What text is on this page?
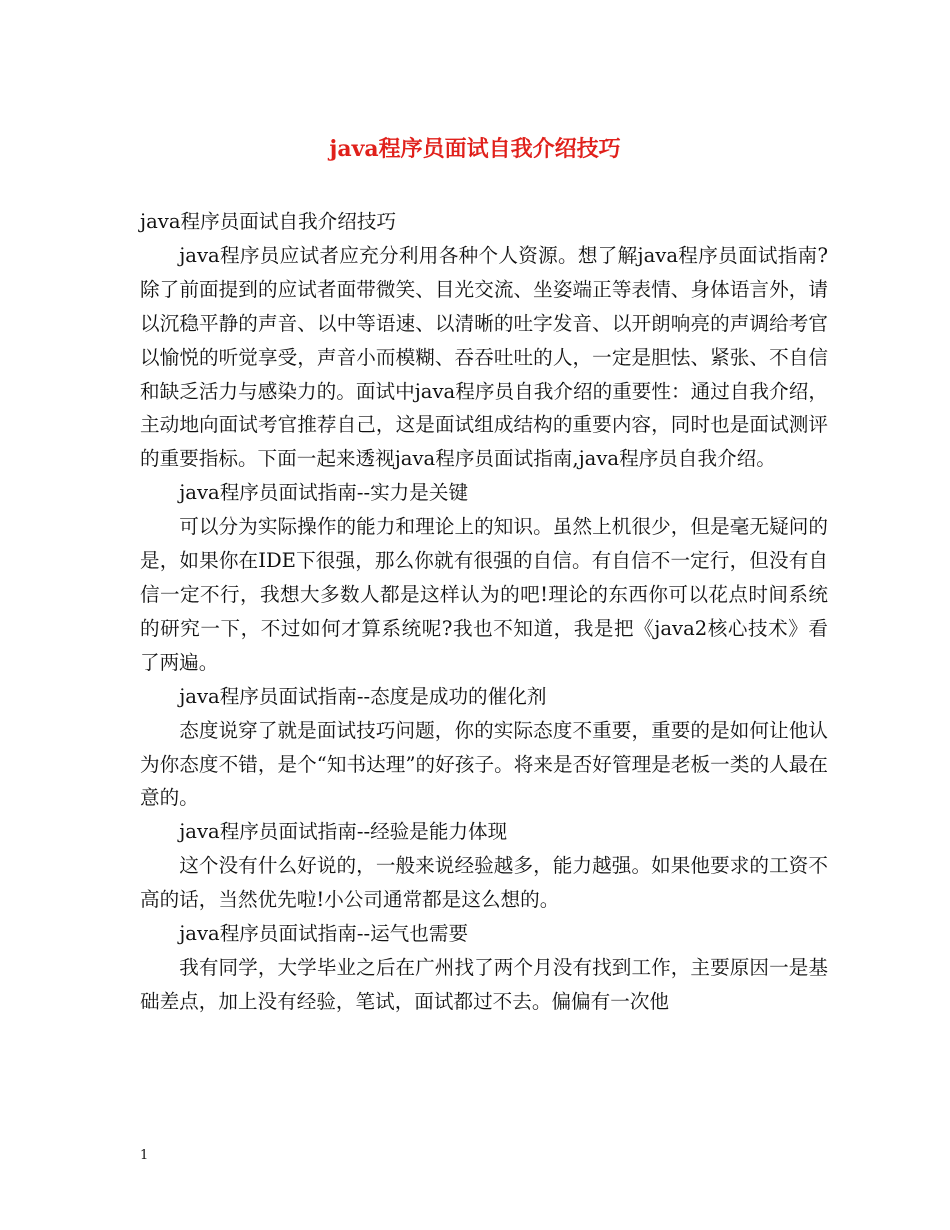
java程序员面试自我介绍技巧

java程序员面试自我介绍技巧

java程序员应试者应充分利用各种个人资源。想了解java程序员面试指南?除了前面提到的应试者面带微笑、目光交流、坐姿端正等表情、身体语言外，请以沉稳平静的声音、以中等语速、以清晰的吐字发音、以开朗响亮的声调给考官以愉悦的听觉享受，声音小而模糊、吞吞吐吐的人，一定是胆怯、紧张、不自信和缺乏活力与感染力的。面试中java程序员自我介绍的重要性：通过自我介绍，主动地向面试考官推荐自己，这是面试组成结构的重要内容，同时也是面试测评的重要指标。下面一起来透视java程序员面试指南,java程序员自我介绍。

java程序员面试指南--实力是关键

可以分为实际操作的能力和理论上的知识。虽然上机很少，但是毫无疑问的是，如果你在IDE下很强，那么你就有很强的自信。有自信不一定行，但没有自信一定不行，我想大多数人都是这样认为的吧!理论的东西你可以花点时间系统的研究一下，不过如何才算系统呢?我也不知道，我是把《java2核心技术》看了两遍。

java程序员面试指南--态度是成功的催化剂

态度说穿了就是面试技巧问题，你的实际态度不重要，重要的是如何让他认为你态度不错，是个“知书达理”的好孩子。将来是否好管理是老板一类的人最在意的。

java程序员面试指南--经验是能力体现

这个没有什么好说的，一般来说经验越多，能力越强。如果他要求的工资不高的话，当然优先啦!小公司通常都是这么想的。

java程序员面试指南--运气也需要

我有同学，大学毕业之后在广州找了两个月没有找到工作，主要原因一是基础差点，加上没有经验，笔试，面试都过不去。偏偏有一次他

1
